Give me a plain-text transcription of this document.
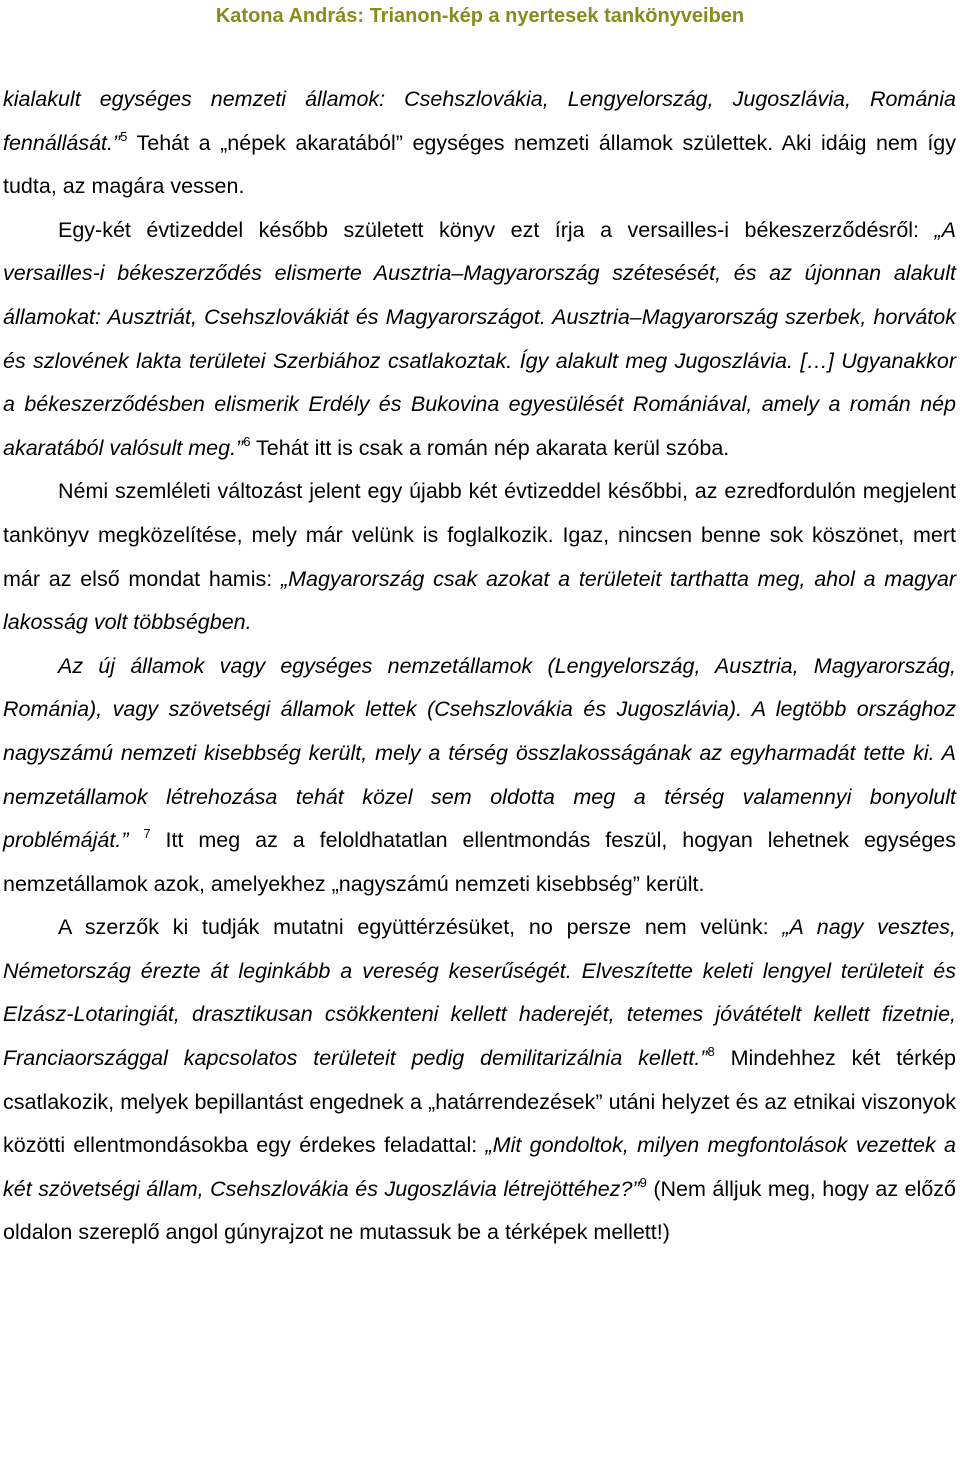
Katona András: Trianon-kép a nyertesek tankönyveiben

kialakult egységes nemzeti államok: Csehszlovákia, Lengyelország, Jugoszlávia, Románia fennállását.”$^5$ Tehát a „népek akaratából” egységes nemzeti államok születtek. Aki idáig nem így tudta, az magára vessen.

Egy-két évtizeddel később született könyv ezt írja a versailles-i békeszerződésről: „A versailles-i békeszerződés elismerte Ausztria–Magyarország szétesését, és az újonnan alakult államokat: Ausztriát, Csehszlovákiát és Magyarországot. Ausztria–Magyarország szerbek, horvátok és szlovének lakta területei Szerbiához csatlakoztak. Így alakult meg Jugoszlávia. […] Ugyanakkor a békeszerződésben elismerik Erdély és Bukovina egyesülését Romániával, amely a román nép akaratából valósult meg.”$^6$ Tehát itt is csak a román nép akarata kerül szóba.

Némi szemléleti változást jelent egy újabb két évtizeddel későbbi, az ezredfordulón megjelent tankönyv megközelítése, mely már velünk is foglalkozik. Igaz, nincsen benne sok köszönet, mert már az első mondat hamis: „Magyarország csak azokat a területeit tarthatta meg, ahol a magyar lakosság volt többségben.

Az új államok vagy egységes nemzetállamok (Lengyelország, Ausztria, Magyarország, Románia), vagy szövetségi államok lettek (Csehszlovákia és Jugoszlávia). A legtöbb országhoz nagyszámú nemzeti kisebbség került, mely a térség összlakosságának az egyharmadát tette ki. A nemzetállamok létrehozása tehát közel sem oldotta meg a térség valamennyi bonyolult problémáját.” $^7$ Itt meg az a feloldhatatlan ellentmondás feszül, hogyan lehetnek egységes nemzetállamok azok, amelyekhez „nagyszámú nemzeti kisebbség” került.

A szerzők ki tudják mutatni együttérzésüket, no persze nem velünk: „A nagy vesztes, Németország érezte át leginkább a vereség keserűségét. Elveszítette keleti lengyel területeit és Elzász-Lotaringiát, drasztikusan csökkenteni kellett haderejét, tetemes jóvátételt kellett fizetnie, Franciaországgal kapcsolatos területeit pedig demilitarizálnia kellett.”$^8$ Mindehhez két térkép csatlakozik, melyek bepillantást engednek a „határrendezések” utáni helyzet és az etnikai viszonyok közötti ellentmondásokba egy érdekes feladattal: „Mit gondoltok, milyen megfontolások vezettek a két szövetségi állam, Csehszlovákia és Jugoszlávia létrejöttéhez?”$^9$ (Nem álljuk meg, hogy az előző oldalon szereplő angol gúnyrajzot ne mutassuk be a térképek mellett!)
